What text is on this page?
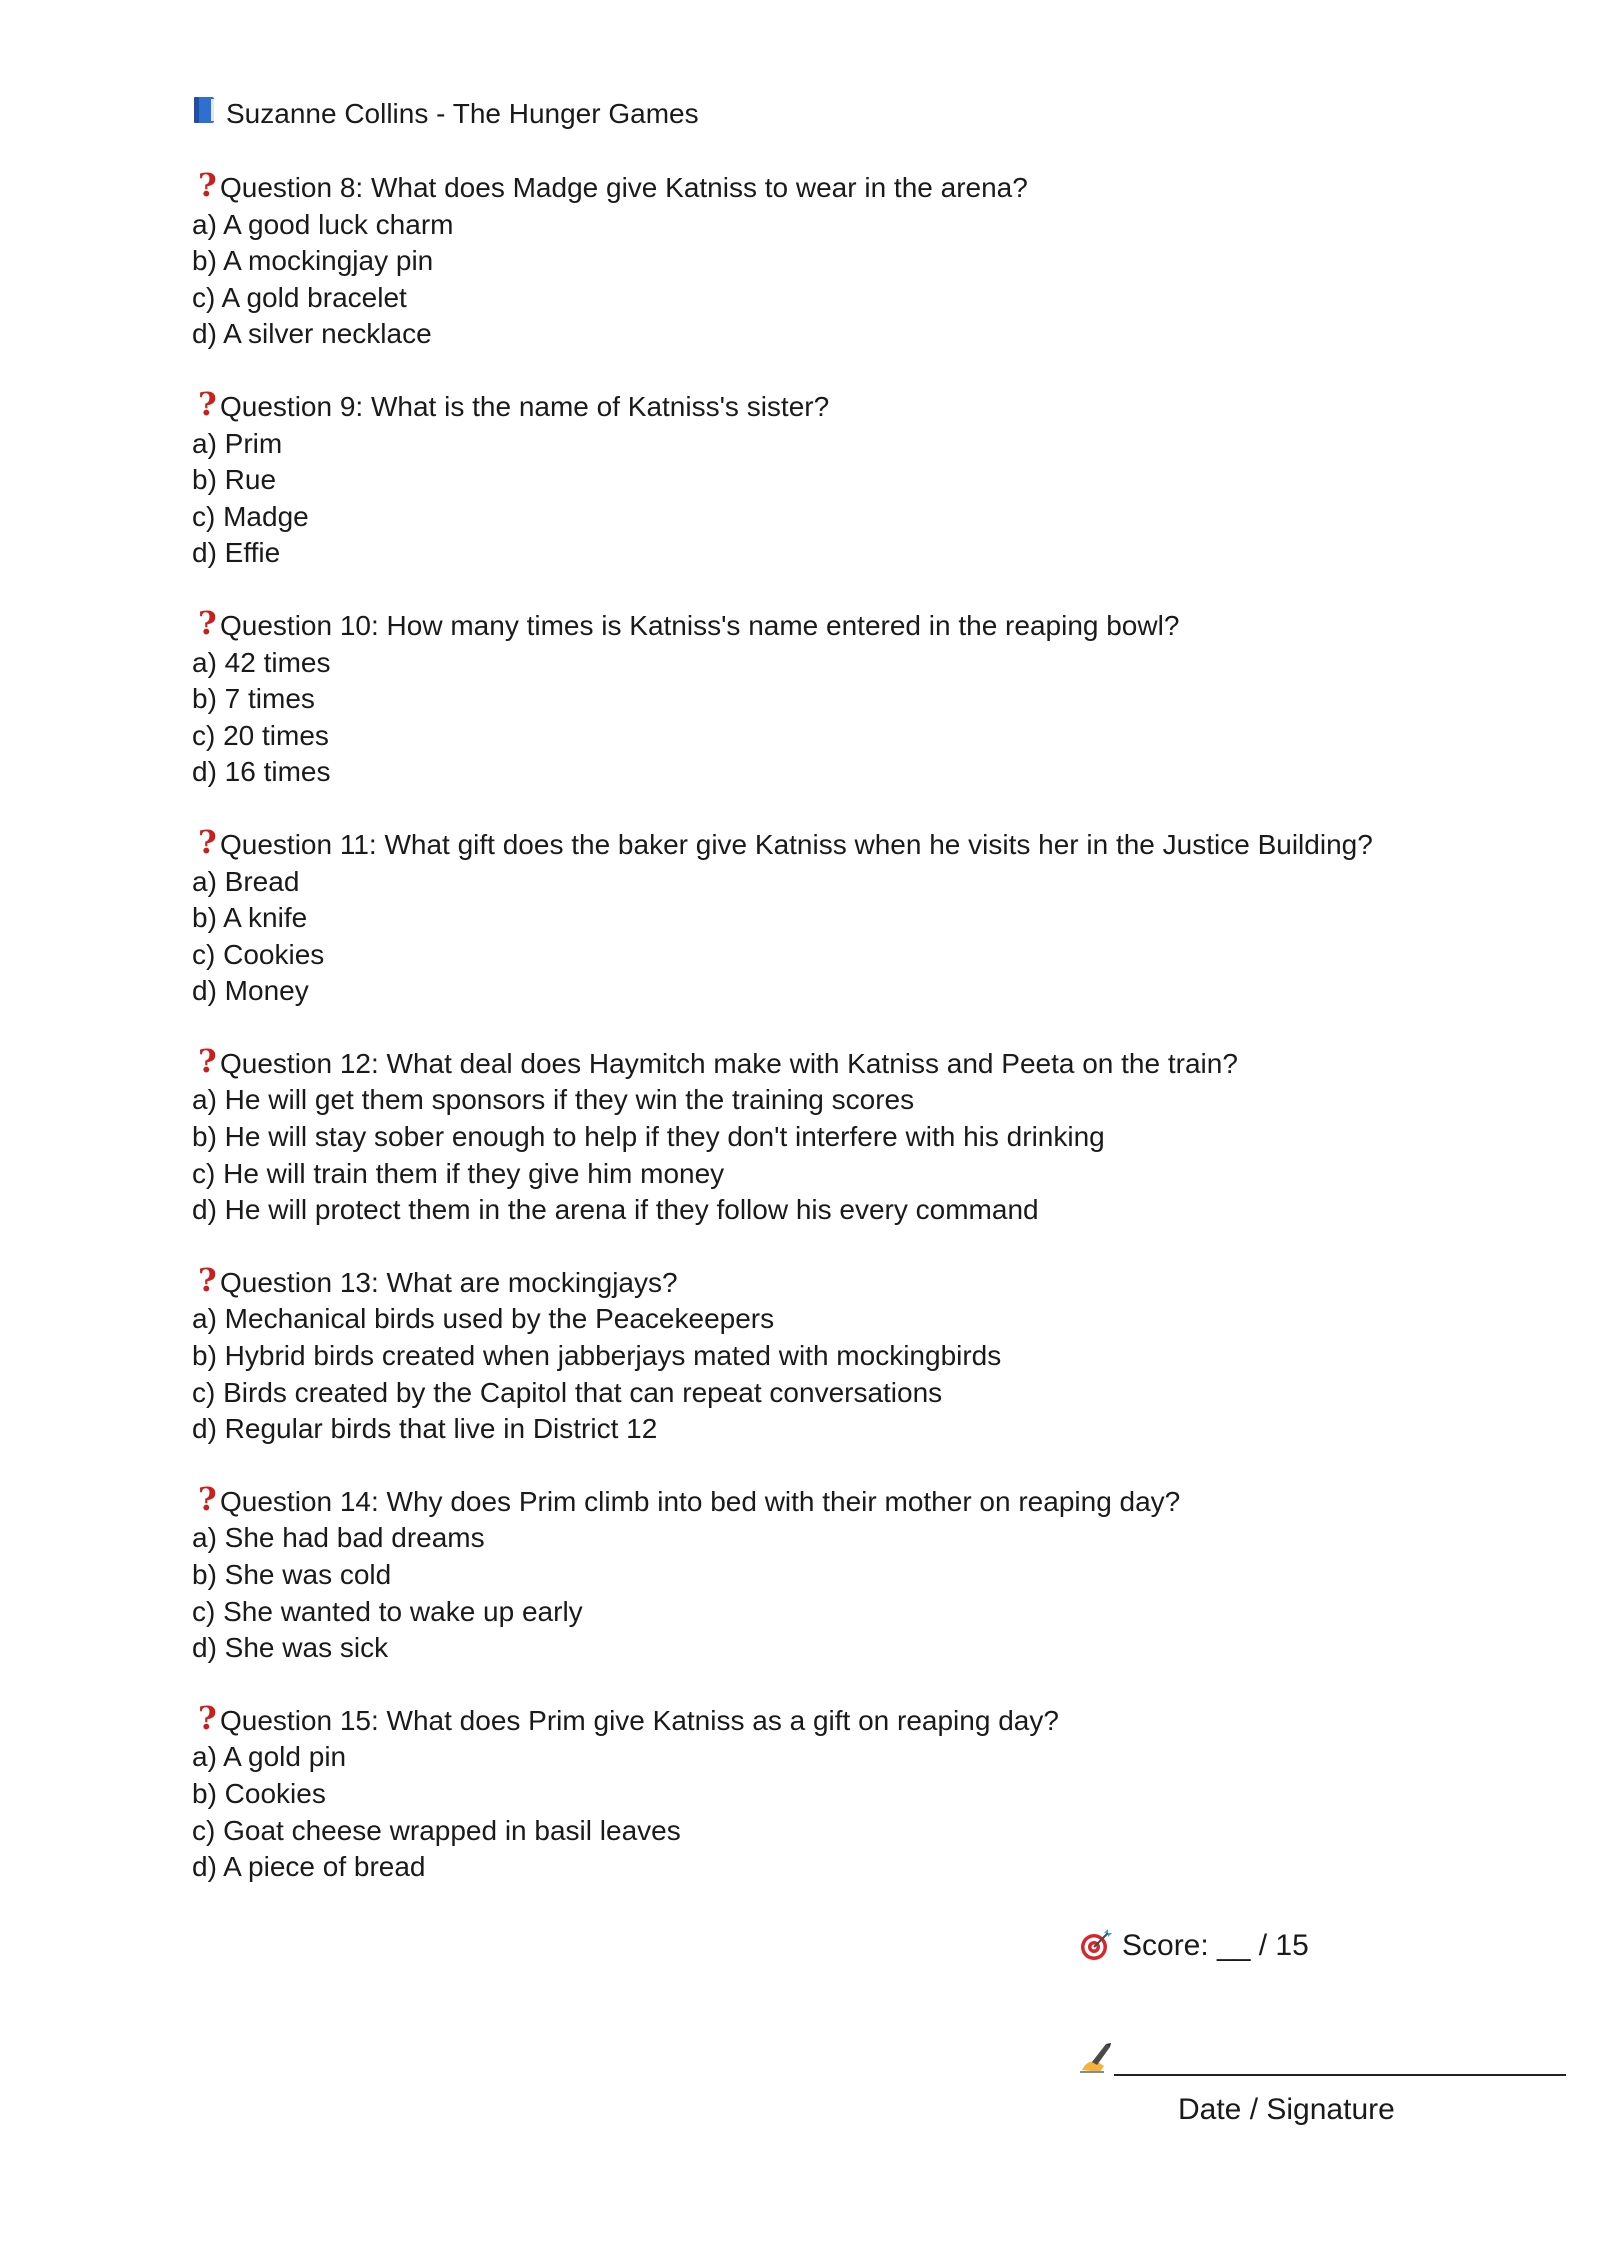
Suzanne Collins - The Hunger Games
? Question 8: What does Madge give Katniss to wear in the arena?
a) A good luck charm
b) A mockingjay pin
c) A gold bracelet
d) A silver necklace
? Question 9: What is the name of Katniss's sister?
a) Prim
b) Rue
c) Madge
d) Effie
? Question 10: How many times is Katniss's name entered in the reaping bowl?
a) 42 times
b) 7 times
c) 20 times
d) 16 times
? Question 11: What gift does the baker give Katniss when he visits her in the Justice Building?
a) Bread
b) A knife
c) Cookies
d) Money
? Question 12: What deal does Haymitch make with Katniss and Peeta on the train?
a) He will get them sponsors if they win the training scores
b) He will stay sober enough to help if they don't interfere with his drinking
c) He will train them if they give him money
d) He will protect them in the arena if they follow his every command
? Question 13: What are mockingjays?
a) Mechanical birds used by the Peacekeepers
b) Hybrid birds created when jabberjays mated with mockingbirds
c) Birds created by the Capitol that can repeat conversations
d) Regular birds that live in District 12
? Question 14: Why does Prim climb into bed with their mother on reaping day?
a) She had bad dreams
b) She was cold
c) She wanted to wake up early
d) She was sick
? Question 15: What does Prim give Katniss as a gift on reaping day?
a) A gold pin
b) Cookies
c) Goat cheese wrapped in basil leaves
d) A piece of bread
Score: __ / 15
Date / Signature
